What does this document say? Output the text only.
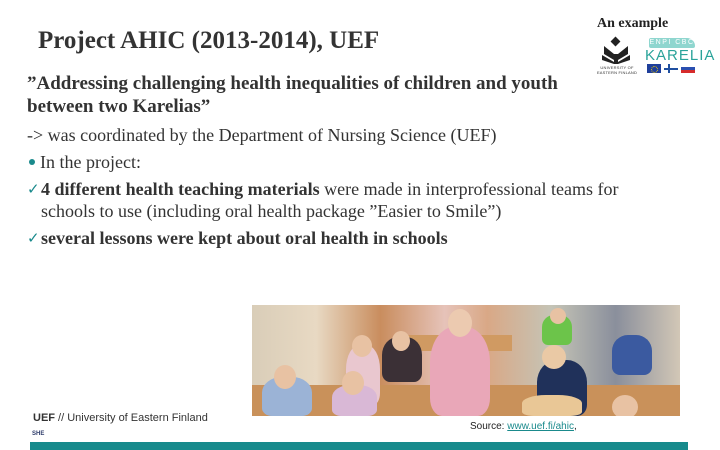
Project AHIC (2013-2014), UEF
An example
UNIVERSITY OF
EASTERN FINLAND
ENPI CBC
KARELIA
”Addressing challenging health inequalities of children and youth between two Karelias”
-> was coordinated by the Department of Nursing Science (UEF)
In the project:
✓ 4 different health teaching materials were made in interprofessional teams for schools to use (including oral health package ”Easier to Smile”)
✓ several lessons were kept about oral health in schools
UEF // University of Eastern Finland
SHE
Source: www.uef.fi/ahic,
